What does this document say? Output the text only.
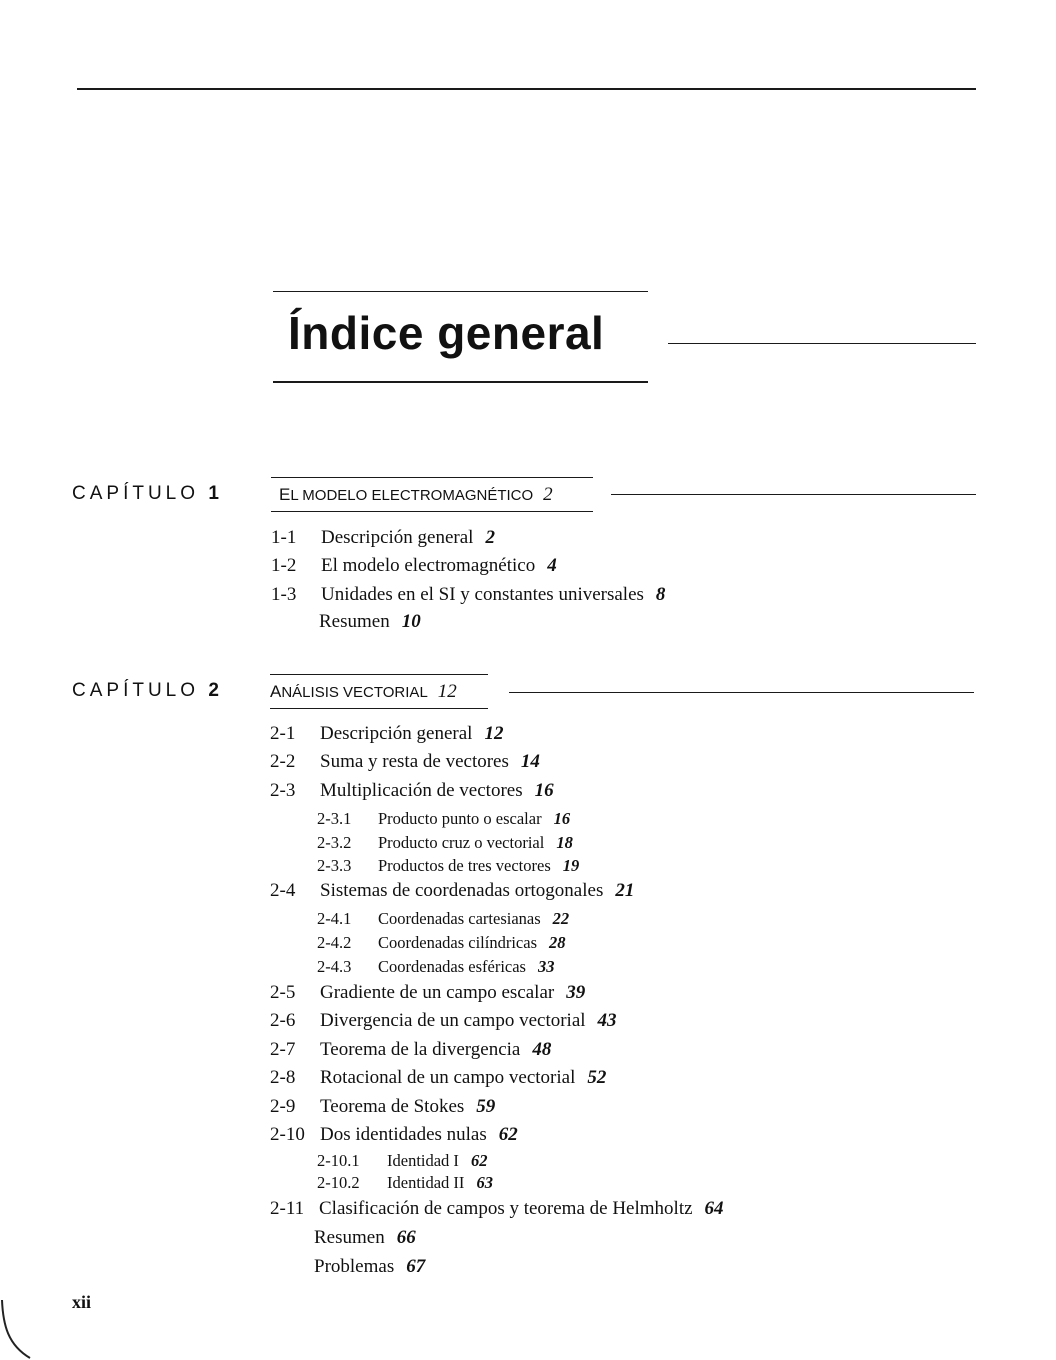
Índice general
CAPÍTULO 1	EL MODELO ELECTROMAGNÉTICO 2
1-1 Descripción general 2
1-2 El modelo electromagnético 4
1-3 Unidades en el SI y constantes universales 8
Resumen 10
CAPÍTULO 2	ANÁLISIS VECTORIAL 12
2-1 Descripción general 12
2-2 Suma y resta de vectores 14
2-3 Multiplicación de vectores 16
2-3.1 Producto punto o escalar 16
2-3.2 Producto cruz o vectorial 18
2-3.3 Productos de tres vectores 19
2-4 Sistemas de coordenadas ortogonales 21
2-4.1 Coordenadas cartesianas 22
2-4.2 Coordenadas cilíndricas 28
2-4.3 Coordenadas esféricas 33
2-5 Gradiente de un campo escalar 39
2-6 Divergencia de un campo vectorial 43
2-7 Teorema de la divergencia 48
2-8 Rotacional de un campo vectorial 52
2-9 Teorema de Stokes 59
2-10 Dos identidades nulas 62
2-10.1 Identidad I 62
2-10.2 Identidad II 63
2-11 Clasificación de campos y teorema de Helmholtz 64
Resumen 66
Problemas 67
xii
